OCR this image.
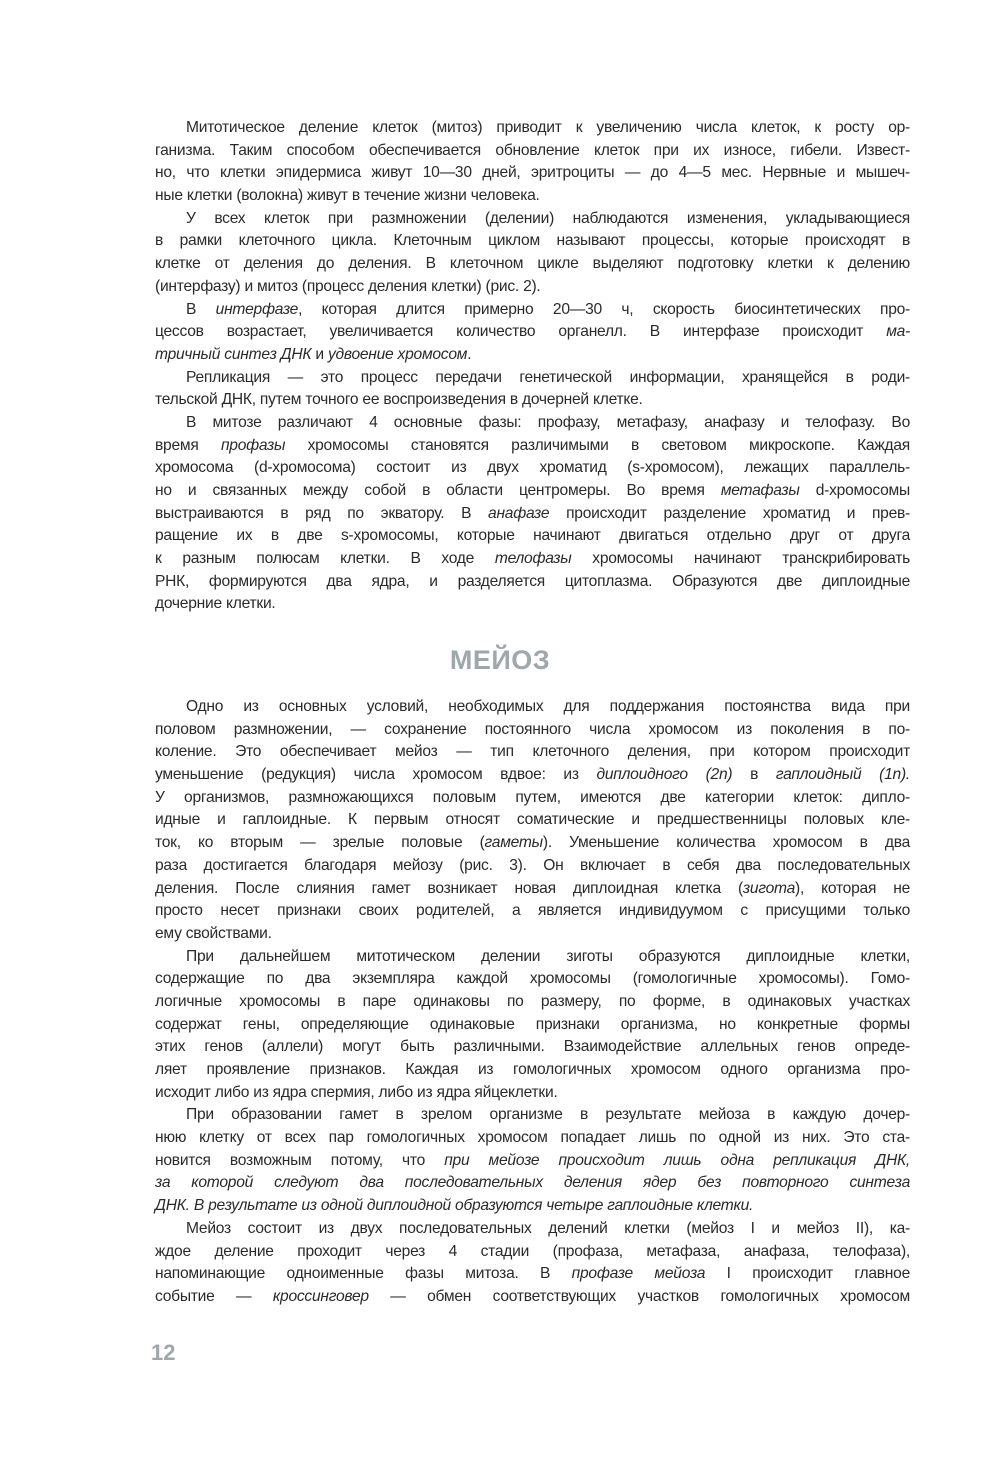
Митотическое деление клеток (митоз) приводит к увеличению числа клеток, к росту ор-
ганизма. Таким способом обеспечивается обновление клеток при их износе, гибели. Извест-
но, что клетки эпидермиса живут 10—30 дней, эритроциты — до 4—5 мес. Нервные и мышеч-
ные клетки (волокна) живут в течение жизни человека.
У всех клеток при размножении (делении) наблюдаются изменения, укладывающиеся
в рамки клеточного цикла. Клеточным циклом называют процессы, которые происходят в
клетке от деления до деления. В клеточном цикле выделяют подготовку клетки к делению
(интерфазу) и митоз (процесс деления клетки) (рис. 2).
В интерфазе, которая длится примерно 20—30 ч, скорость биосинтетических про-
цессов возрастает, увеличивается количество органелл. В интерфазе происходит ма-
тричный синтез ДНК и удвоение хромосом.
Репликация — это процесс передачи генетической информации, хранящейся в роди-
тельской ДНК, путем точного ее воспроизведения в дочерней клетке.
В митозе различают 4 основные фазы: профазу, метафазу, анафазу и телофазу. Во
время профазы хромосомы становятся различимыми в световом микроскопе. Каждая
хромосома (d-хромосома) состоит из двух хроматид (s-хромосом), лежащих параллель-
но и связанных между собой в области центромеры. Во время метафазы d-хромосомы
выстраиваются в ряд по экватору. В анафазе происходит разделение хроматид и прев-
ращение их в две s-хромосомы, которые начинают двигаться отдельно друг от друга
к разным полюсам клетки. В ходе телофазы хромосомы начинают транскрибировать
РНК, формируются два ядра, и разделяется цитоплазма. Образуются две диплоидные
дочерние клетки.
МЕЙОЗ
Одно из основных условий, необходимых для поддержания постоянства вида при
половом размножении, — сохранение постоянного числа хромосом из поколения в по-
коление. Это обеспечивает мейоз — тип клеточного деления, при котором происходит
уменьшение (редукция) числа хромосом вдвое: из диплоидного (2n) в гаплоидный (1n).
У организмов, размножающихся половым путем, имеются две категории клеток: дипло-
идные и гаплоидные. К первым относят соматические и предшественницы половых кле-
ток, ко вторым — зрелые половые (гаметы). Уменьшение количества хромосом в два
раза достигается благодаря мейозу (рис. 3). Он включает в себя два последовательных
деления. После слияния гамет возникает новая диплоидная клетка (зигота), которая не
просто несет признаки своих родителей, а является индивидуумом с присущими только
ему свойствами.
При дальнейшем митотическом делении зиготы образуются диплоидные клетки,
содержащие по два экземпляра каждой хромосомы (гомологичные хромосомы). Гомо-
логичные хромосомы в паре одинаковы по размеру, по форме, в одинаковых участках
содержат гены, определяющие одинаковые признаки организма, но конкретные формы
этих генов (аллели) могут быть различными. Взаимодействие аллельных генов опреде-
ляет проявление признаков. Каждая из гомологичных хромосом одного организма про-
исходит либо из ядра спермия, либо из ядра яйцеклетки.
При образовании гамет в зрелом организме в результате мейоза в каждую дочер-
нюю клетку от всех пар гомологичных хромосом попадает лишь по одной из них. Это ста-
новится возможным потому, что при мейозе происходит лишь одна репликация ДНК,
за которой следуют два последовательных деления ядер без повторного синтеза
ДНК. В результате из одной диплоидной образуются четыре гаплоидные клетки.
Мейоз состоит из двух последовательных делений клетки (мейоз I и мейоз II), ка-
ждое деление проходит через 4 стадии (профаза, метафаза, анафаза, телофаза),
напоминающие одноименные фазы митоза. В профазе мейоза I происходит главное
событие — кроссинговер — обмен соответствующих участков гомологичных хромосом
12
